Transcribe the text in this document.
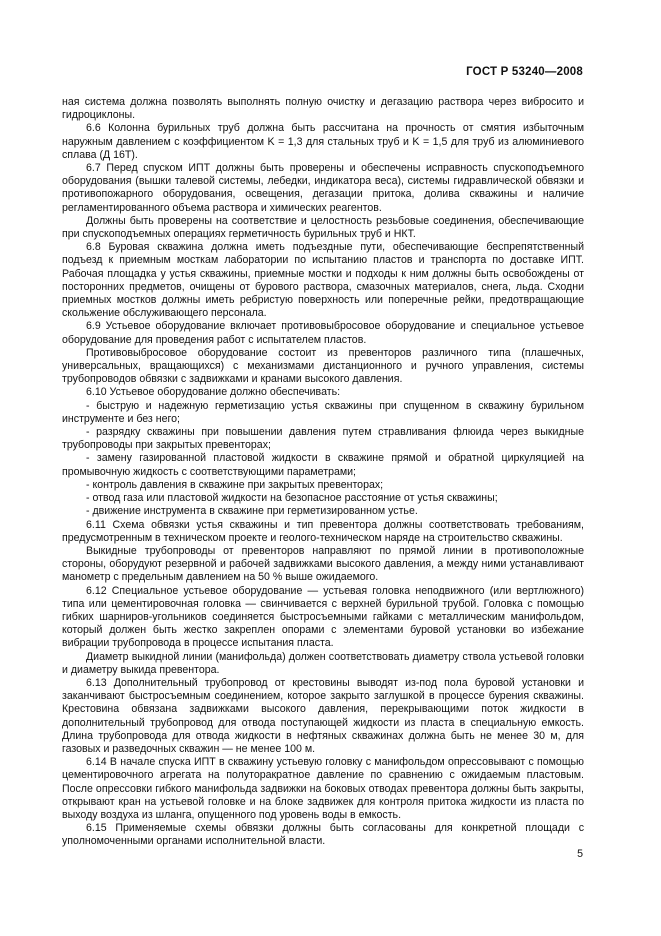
ГОСТ Р 53240—2008

ная система должна позволять выполнять полную очистку и дегазацию раствора через вибросито и гидроциклоны.

6.6 Колонна бурильных труб должна быть рассчитана на прочность от смятия избыточным наружным давлением с коэффициентом K = 1,3 для стальных труб и K = 1,5 для труб из алюминиевого сплава (Д 16Т).

6.7 Перед спуском ИПТ должны быть проверены и обеспечены исправность спускоподъемного оборудования (вышки талевой системы, лебедки, индикатора веса), системы гидравлической обвязки и противопожарного оборудования, освещения, дегазации притока, долива скважины и наличие регламентированного объема раствора и химических реагентов.

Должны быть проверены на соответствие и целостность резьбовые соединения, обеспечивающие при спускоподъемных операциях герметичность бурильных труб и НКТ.

6.8 Буровая скважина должна иметь подъездные пути, обеспечивающие беспрепятственный подъезд к приемным мосткам лаборатории по испытанию пластов и транспорта по доставке ИПТ. Рабочая площадка у устья скважины, приемные мостки и подходы к ним должны быть освобождены от посторонних предметов, очищены от бурового раствора, смазочных материалов, снега, льда. Сходни приемных мостков должны иметь ребристую поверхность или поперечные рейки, предотвращающие скольжение обслуживающего персонала.

6.9 Устьевое оборудование включает противовыбросовое оборудование и специальное устьевое оборудование для проведения работ с испытателем пластов.

Противовыбросовое оборудование состоит из превенторов различного типа (плашечных, универсальных, вращающихся) с механизмами дистанционного и ручного управления, системы трубопроводов обвязки с задвижками и кранами высокого давления.

6.10 Устьевое оборудование должно обеспечивать:

- быструю и надежную герметизацию устья скважины при спущенном в скважину бурильном инструменте и без него;

- разрядку скважины при повышении давления путем стравливания флюида через выкидные трубопроводы при закрытых превенторах;

- замену газированной пластовой жидкости в скважине прямой и обратной циркуляцией на промывочную жидкость с соответствующими параметрами;

- контроль давления в скважине при закрытых превенторах;

- отвод газа или пластовой жидкости на безопасное расстояние от устья скважины;

- движение инструмента в скважине при герметизированном устье.

6.11 Схема обвязки устья скважины и тип превентора должны соответствовать требованиям, предусмотренным в техническом проекте и геолого-техническом наряде на строительство скважины.

Выкидные трубопроводы от превенторов направляют по прямой линии в противоположные стороны, оборудуют резервной и рабочей задвижками высокого давления, а между ними устанавливают манометр с предельным давлением на 50 % выше ожидаемого.

6.12 Специальное устьевое оборудование — устьевая головка неподвижного (или вертлюжного) типа или цементировочная головка — свинчивается с верхней бурильной трубой. Головка с помощью гибких шарниров-угольников соединяется быстросъемными гайками с металлическим манифольдом, который должен быть жестко закреплен опорами с элементами буровой установки во избежание вибрации трубопровода в процессе испытания пласта.

Диаметр выкидной линии (манифольда) должен соответствовать диаметру ствола устьевой головки и диаметру выкида превентора.

6.13 Дополнительный трубопровод от крестовины выводят из-под пола буровой установки и заканчивают быстросъемным соединением, которое закрыто заглушкой в процессе бурения скважины. Крестовина обвязана задвижками высокого давления, перекрывающими поток жидкости в дополнительный трубопровод для отвода поступающей жидкости из пласта в специальную емкость. Длина трубопровода для отвода жидкости в нефтяных скважинах должна быть не менее 30 м, для газовых и разведочных скважин — не менее 100 м.

6.14 В начале спуска ИПТ в скважину устьевую головку с манифольдом опрессовывают с помощью цементировочного агрегата на полуторакратное давление по сравнению с ожидаемым пластовым. После опрессовки гибкого манифольда задвижки на боковых отводах превентора должны быть закрыты, открывают кран на устьевой головке и на блоке задвижек для контроля притока жидкости из пласта по выходу воздуха из шланга, опущенного под уровень воды в емкость.

6.15 Применяемые схемы обвязки должны быть согласованы для конкретной площади с уполномоченными органами исполнительной власти.

5
